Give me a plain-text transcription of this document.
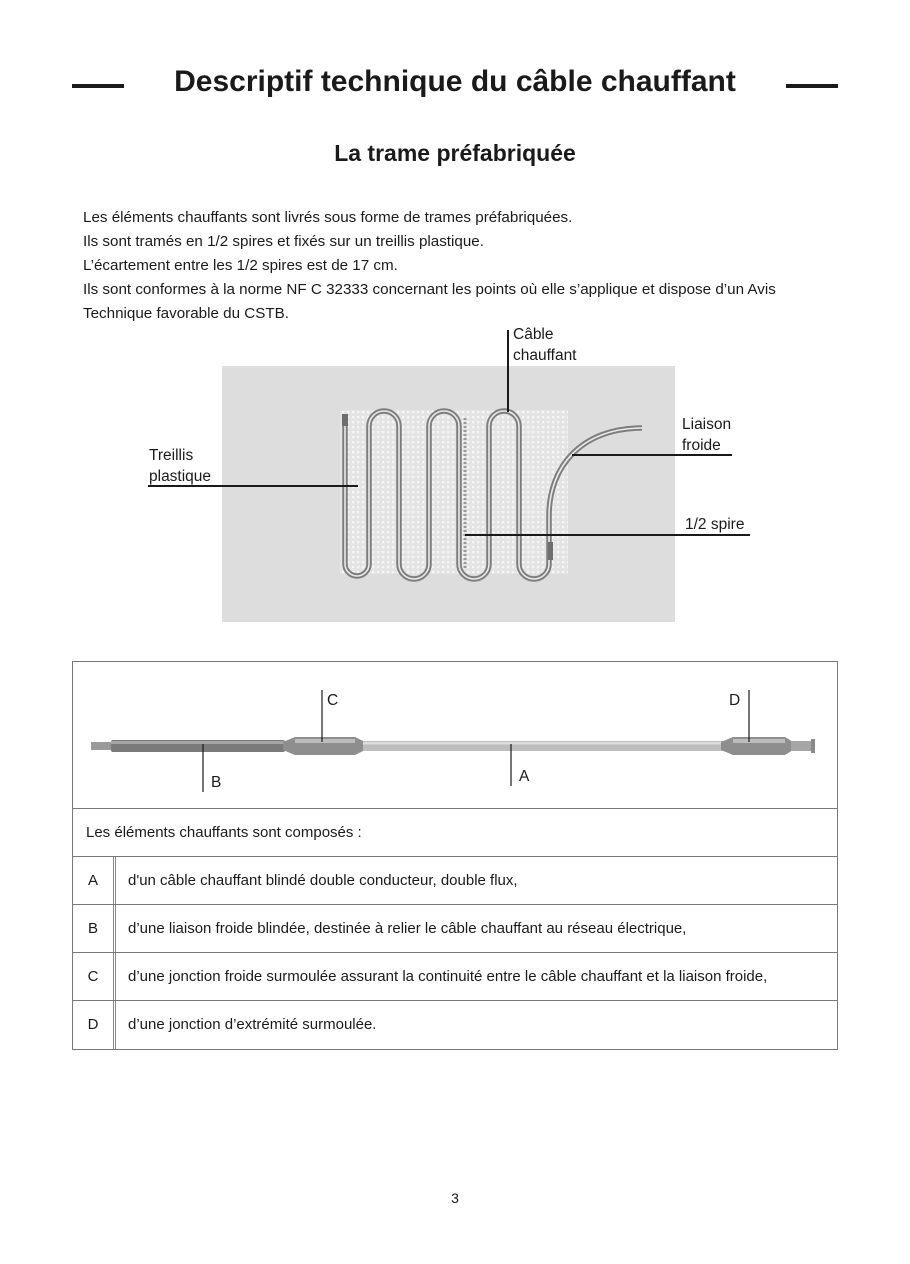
Descriptif technique du câble chauffant
La trame préfabriquée

Les éléments chauffants sont livrés sous forme de trames préfabriquées.

Ils sont tramés en 1/2 spires et fixés sur un treillis plastique.

L’écartement entre les 1/2 spires est de 17 cm.

Ils sont conformes à la norme NF C 32333 concernant les points où elle s’applique et dispose d’un Avis Technique favorable du CSTB.

Câble
chauffant
Liaison
froide
Treillis
plastique
1/2 spire
C	D
B	A
Les éléments chauffants sont composés :
A	d'un câble chauffant blindé double conducteur, double flux,
B	d’une liaison froide blindée, destinée à relier le câble chauffant au réseau électrique,
C	d’une jonction froide surmoulée assurant la continuité entre le câble chauffant et la liaison froide,
D	d’une jonction d’extrémité surmoulée.
3
